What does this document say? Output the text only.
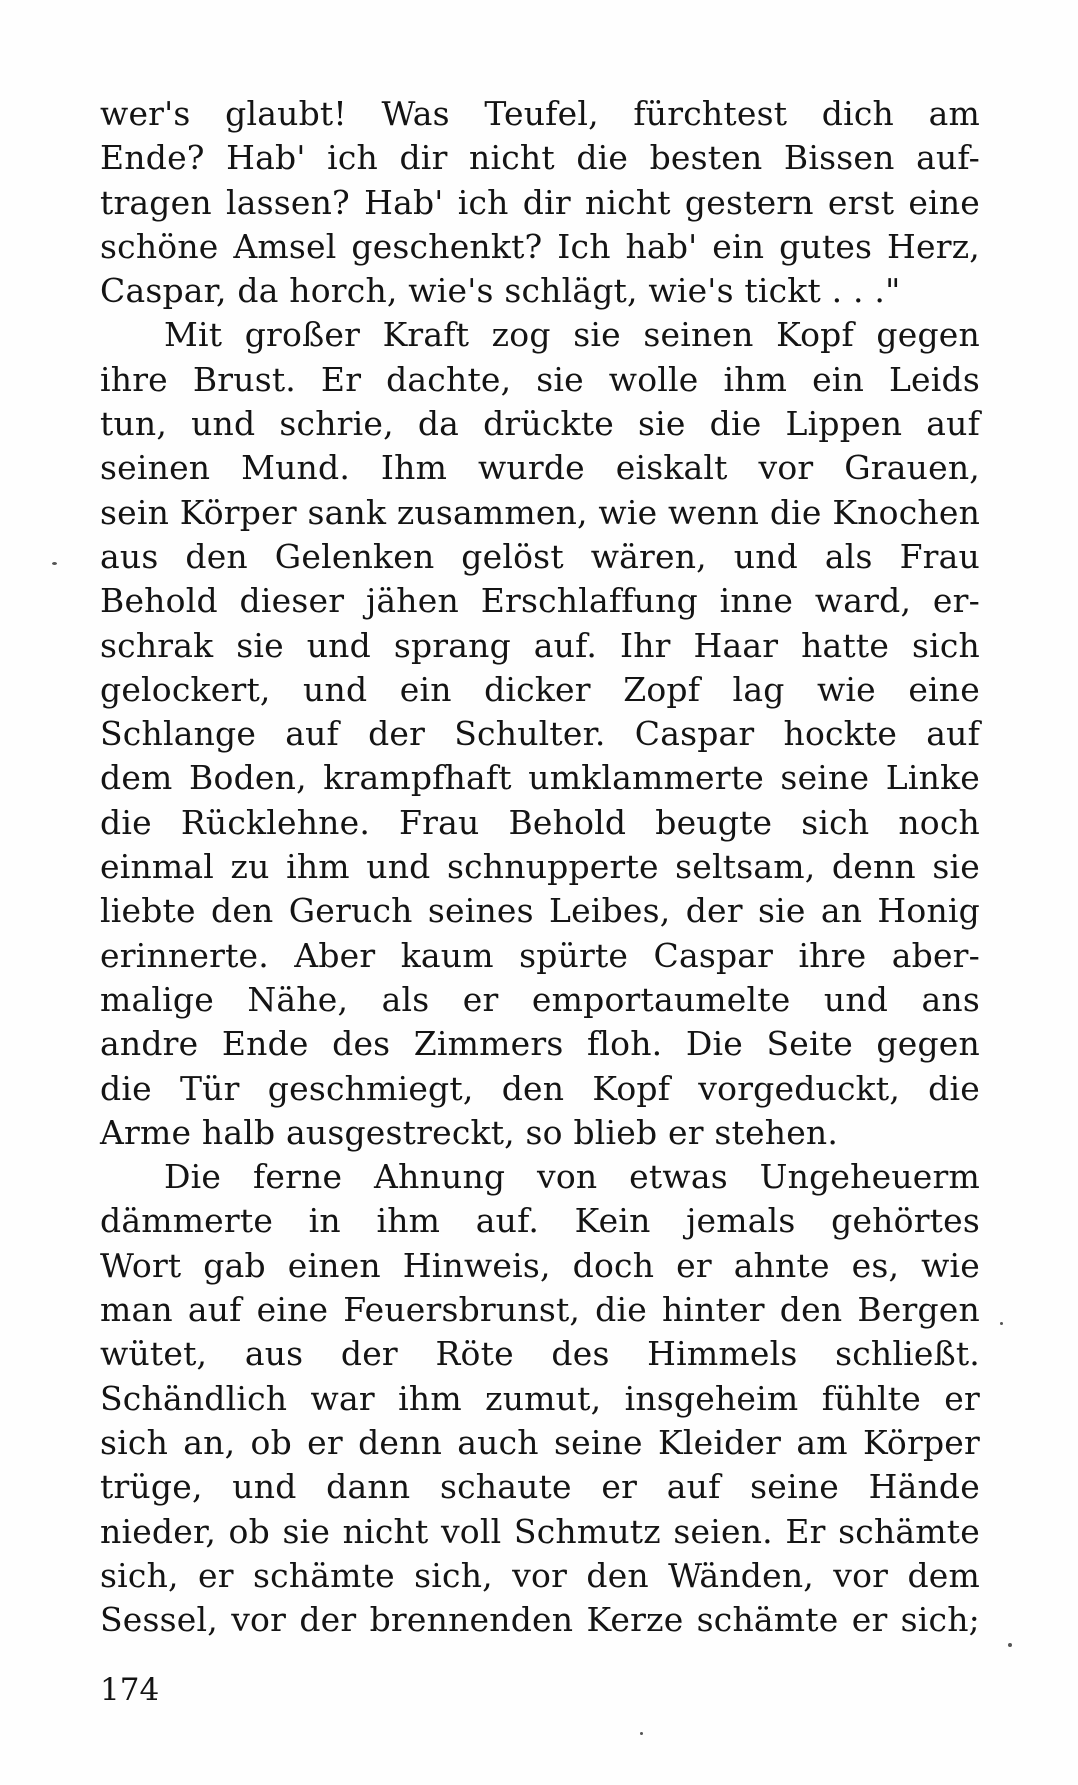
wer's glaubt! Was Teufel, fürchtest dich am
Ende? Hab' ich dir nicht die besten Bissen auf-
tragen lassen? Hab' ich dir nicht gestern erst eine
schöne Amsel geschenkt? Ich hab' ein gutes Herz,
Caspar, da horch, wie's schlägt, wie's tickt . . ."
Mit großer Kraft zog sie seinen Kopf gegen
ihre Brust. Er dachte, sie wolle ihm ein Leids
tun, und schrie, da drückte sie die Lippen auf
seinen Mund. Ihm wurde eiskalt vor Grauen,
sein Körper sank zusammen, wie wenn die Knochen
aus den Gelenken gelöst wären, und als Frau
Behold dieser jähen Erschlaffung inne ward, er-
schrak sie und sprang auf. Ihr Haar hatte sich
gelockert, und ein dicker Zopf lag wie eine
Schlange auf der Schulter. Caspar hockte auf
dem Boden, krampfhaft umklammerte seine Linke
die Rücklehne. Frau Behold beugte sich noch
einmal zu ihm und schnupperte seltsam, denn sie
liebte den Geruch seines Leibes, der sie an Honig
erinnerte. Aber kaum spürte Caspar ihre aber-
malige Nähe, als er emportaumelte und ans
andre Ende des Zimmers floh. Die Seite gegen
die Tür geschmiegt, den Kopf vorgeduckt, die
Arme halb ausgestreckt, so blieb er stehen.
Die ferne Ahnung von etwas Ungeheuerm
dämmerte in ihm auf. Kein jemals gehörtes
Wort gab einen Hinweis, doch er ahnte es, wie
man auf eine Feuersbrunst, die hinter den Bergen
wütet, aus der Röte des Himmels schließt.
Schändlich war ihm zumut, insgeheim fühlte er
sich an, ob er denn auch seine Kleider am Körper
trüge, und dann schaute er auf seine Hände
nieder, ob sie nicht voll Schmutz seien. Er schämte
sich, er schämte sich, vor den Wänden, vor dem
Sessel, vor der brennenden Kerze schämte er sich;
174
